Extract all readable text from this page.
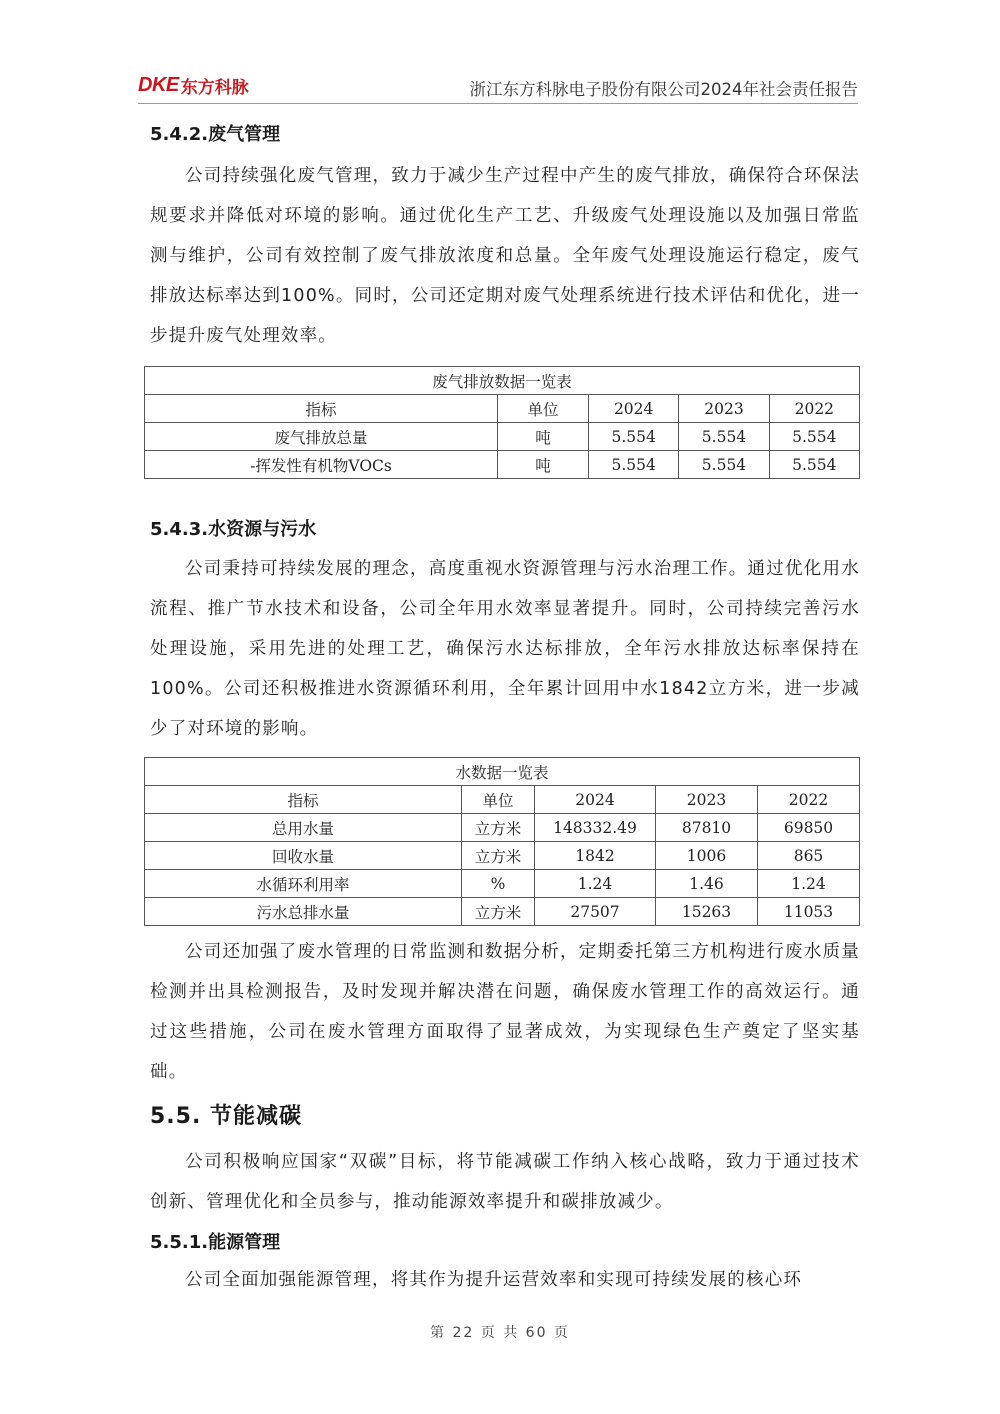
DKE 东方科脉	浙江东方科脉电子股份有限公司2024年社会责任报告
5.4.2.废气管理

公司持续强化废气管理，致力于减少生产过程中产生的废气排放，确保符合环保法规要求并降低对环境的影响。通过优化生产工艺、升级废气处理设施以及加强日常监测与维护，公司有效控制了废气排放浓度和总量。全年废气处理设施运行稳定，废气排放达标率达到100%。同时，公司还定期对废气处理系统进行技术评估和优化，进一步提升废气处理效率。

废气排放数据一览表				
指标	单位	2024	2023	2022
废气排放总量	吨	5.554	5.554	5.554
-挥发性有机物VOCs	吨	5.554	5.554	5.554
5.4.3.水资源与污水

公司秉持可持续发展的理念，高度重视水资源管理与污水治理工作。通过优化用水流程、推广节水技术和设备，公司全年用水效率显著提升。同时，公司持续完善污水处理设施，采用先进的处理工艺，确保污水达标排放，全年污水排放达标率保持在100%。公司还积极推进水资源循环利用，全年累计回用中水1842立方米，进一步减少了对环境的影响。

水数据一览表				
指标	单位	2024	2023	2022
总用水量	立方米	148332.49	87810	69850
回收水量	立方米	1842	1006	865
水循环利用率	%	1.24	1.46	1.24
污水总排水量	立方米	27507	15263	11053

公司还加强了废水管理的日常监测和数据分析，定期委托第三方机构进行废水质量检测并出具检测报告，及时发现并解决潜在问题，确保废水管理工作的高效运行。通过这些措施，公司在废水管理方面取得了显著成效，为实现绿色生产奠定了坚实基础。

5.5. 节能减碳

公司积极响应国家“双碳”目标，将节能减碳工作纳入核心战略，致力于通过技术创新、管理优化和全员参与，推动能源效率提升和碳排放减少。

5.5.1.能源管理

公司全面加强能源管理，将其作为提升运营效率和实现可持续发展的核心环

第 22 页 共 60 页
